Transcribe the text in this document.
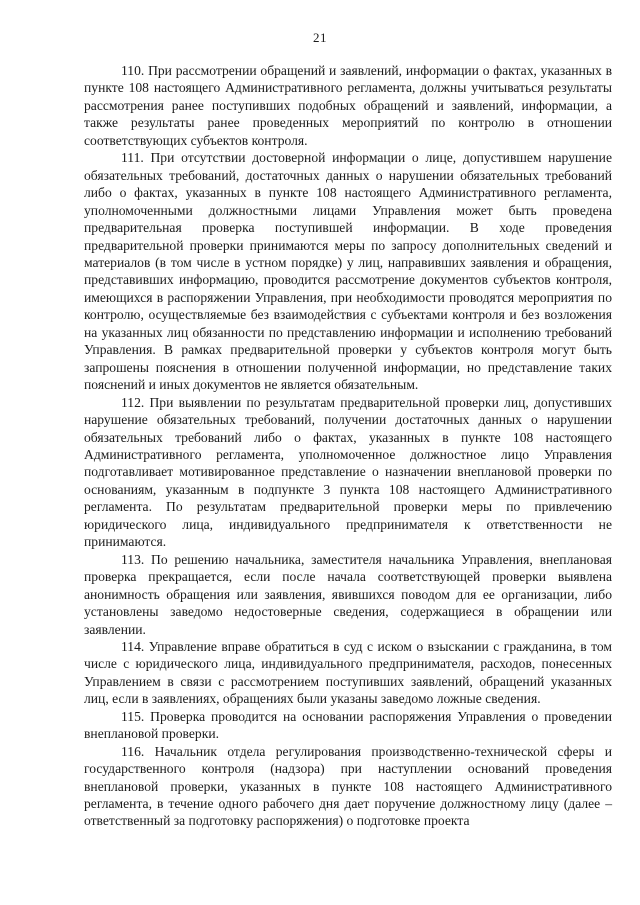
21

110. При рассмотрении обращений и заявлений, информации о фактах, указанных в пункте 108 настоящего Административного регламента, должны учитываться результаты рассмотрения ранее поступивших подобных обращений и заявлений, информации, а также результаты ранее проведенных мероприятий по контролю в отношении соответствующих субъектов контроля.

111. При отсутствии достоверной информации о лице, допустившем нарушение обязательных требований, достаточных данных о нарушении обязательных требований либо о фактах, указанных в пункте 108 настоящего Административного регламента, уполномоченными должностными лицами Управления может быть проведена предварительная проверка поступившей информации. В ходе проведения предварительной проверки принимаются меры по запросу дополнительных сведений и материалов (в том числе в устном порядке) у лиц, направивших заявления и обращения, представивших информацию, проводится рассмотрение документов субъектов контроля, имеющихся в распоряжении Управления, при необходимости проводятся мероприятия по контролю, осуществляемые без взаимодействия с субъектами контроля и без возложения на указанных лиц обязанности по представлению информации и исполнению требований Управления. В рамках предварительной проверки у субъектов контроля могут быть запрошены пояснения в отношении полученной информации, но представление таких пояснений и иных документов не является обязательным.

112. При выявлении по результатам предварительной проверки лиц, допустивших нарушение обязательных требований, получении достаточных данных о нарушении обязательных требований либо о фактах, указанных в пункте 108 настоящего Административного регламента, уполномоченное должностное лицо Управления подготавливает мотивированное представление о назначении внеплановой проверки по основаниям, указанным в подпункте 3 пункта 108 настоящего Административного регламента. По результатам предварительной проверки меры по привлечению юридического лица, индивидуального предпринимателя к ответственности не принимаются.

113. По решению начальника, заместителя начальника Управления, внеплановая проверка прекращается, если после начала соответствующей проверки выявлена анонимность обращения или заявления, явившихся поводом для ее организации, либо установлены заведомо недостоверные сведения, содержащиеся в обращении или заявлении.

114. Управление вправе обратиться в суд с иском о взыскании с гражданина, в том числе с юридического лица, индивидуального предпринимателя, расходов, понесенных Управлением в связи с рассмотрением поступивших заявлений, обращений указанных лиц, если в заявлениях, обращениях были указаны заведомо ложные сведения.

115. Проверка проводится на основании распоряжения Управления о проведении внеплановой проверки.

116. Начальник отдела регулирования производственно-технической сферы и государственного контроля (надзора) при наступлении оснований проведения внеплановой проверки, указанных в пункте 108 настоящего Административного регламента, в течение одного рабочего дня дает поручение должностному лицу (далее – ответственный за подготовку распоряжения) о подготовке проекта
